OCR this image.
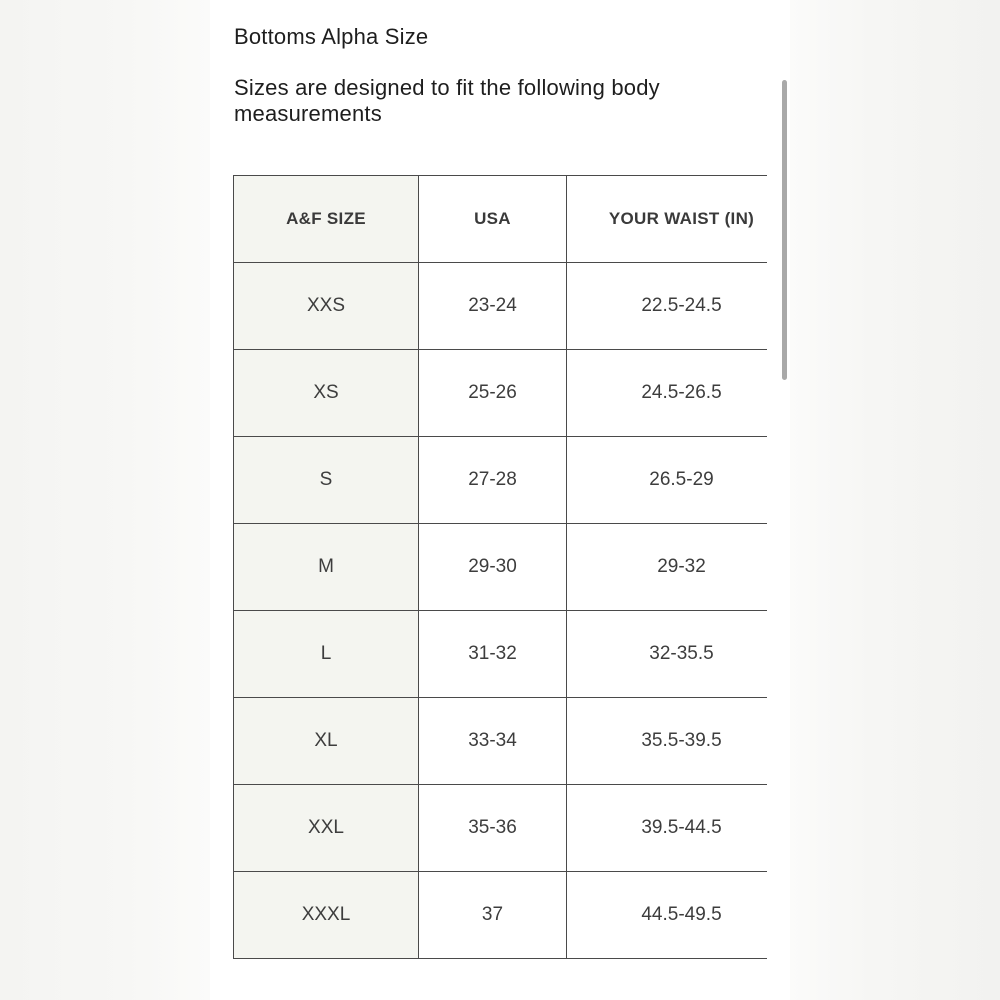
Bottoms Alpha Size

Sizes are designed to fit the following body measurements

A&F SIZE	USA	YOUR WAIST (IN)
XXS	23-24	22.5-24.5
XS	25-26	24.5-26.5
S	27-28	26.5-29
M	29-30	29-32
L	31-32	32-35.5
XL	33-34	35.5-39.5
XXL	35-36	39.5-44.5
XXXL	37	44.5-49.5
